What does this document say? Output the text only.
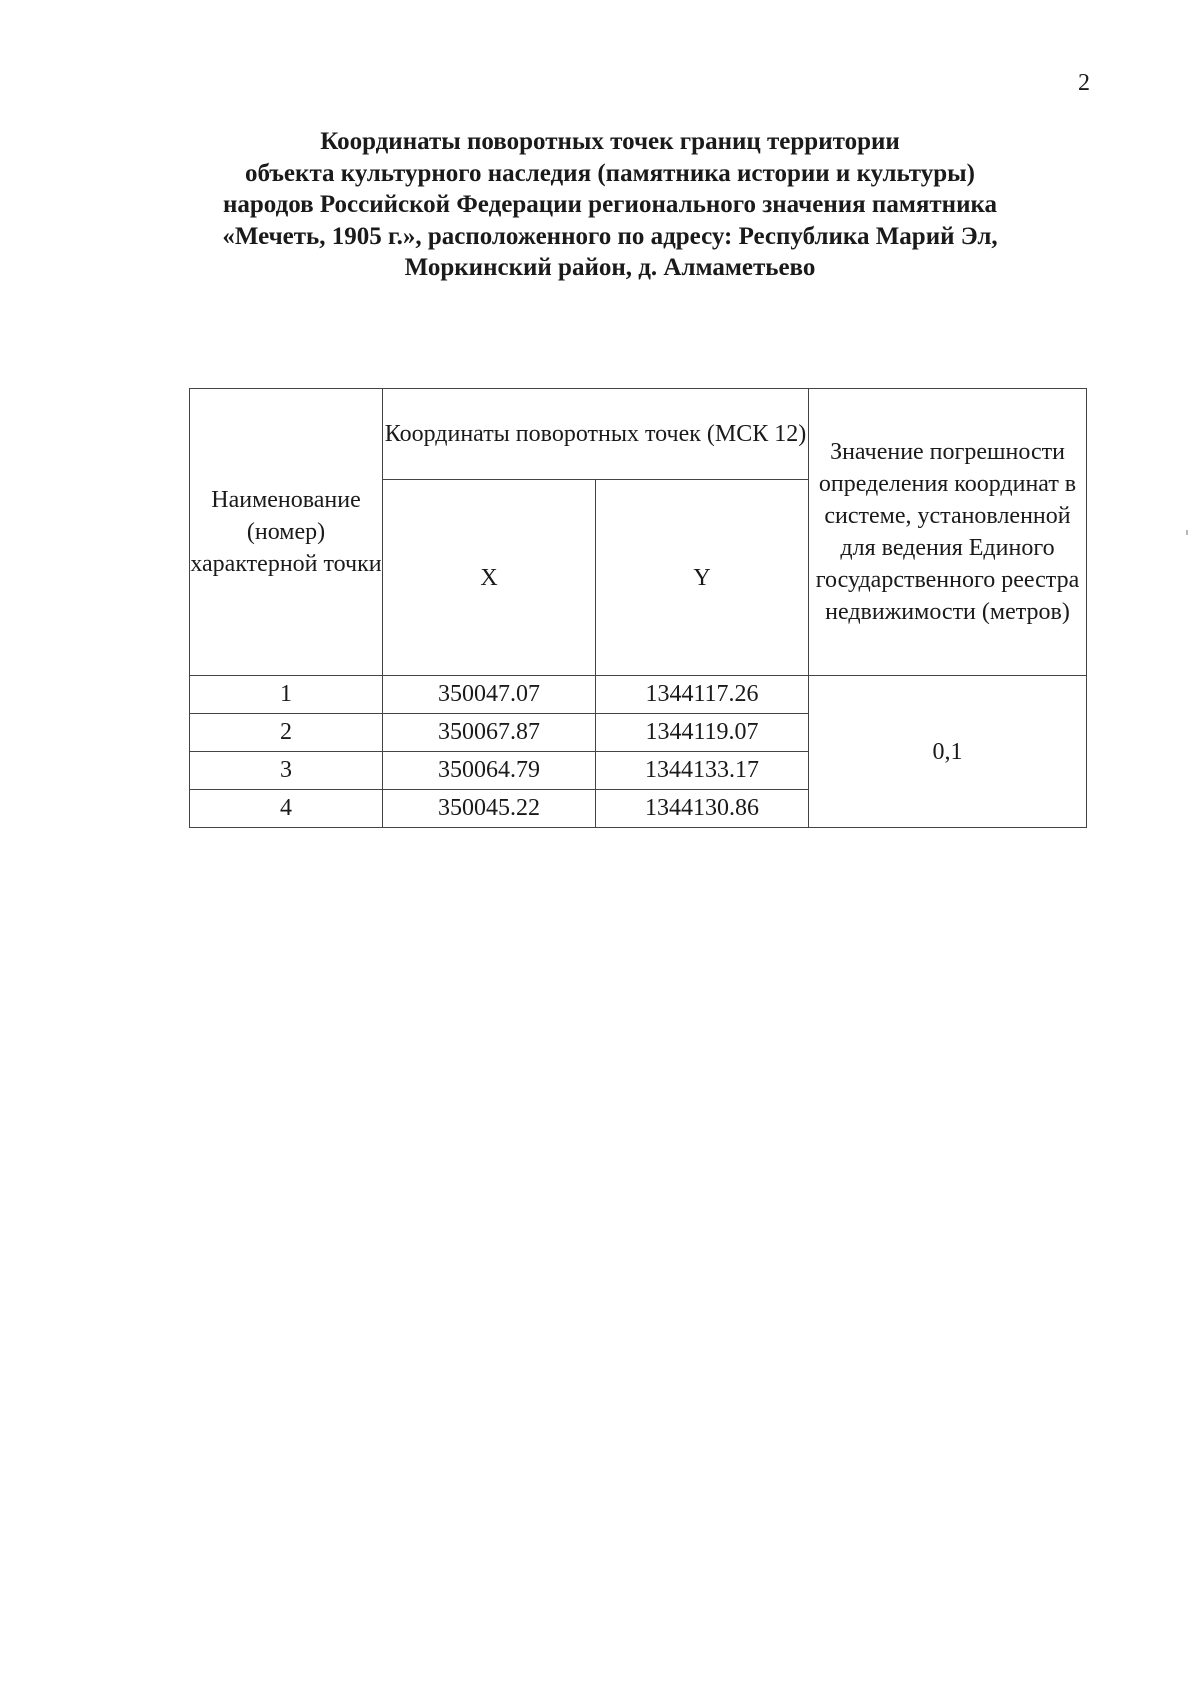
2
Координаты поворотных точек границ территории
объекта культурного наследия (памятника истории и культуры)
народов Российской Федерации регионального значения памятника
«Мечеть, 1905 г.», расположенного по адресу: Республика Марий Эл,
Моркинский район, д. Алмаметьево
Наименование (номер) характерной точки	Координаты поворотных точек (МСК 12)		Значение погрешности определения координат в системе, установленной для ведения Единого государственного реестра недвижимости (метров)
	X	Y	
1	350047.07	1344117.26	0,1
2	350067.87	1344119.07	
3	350064.79	1344133.17	
4	350045.22	1344130.86	
